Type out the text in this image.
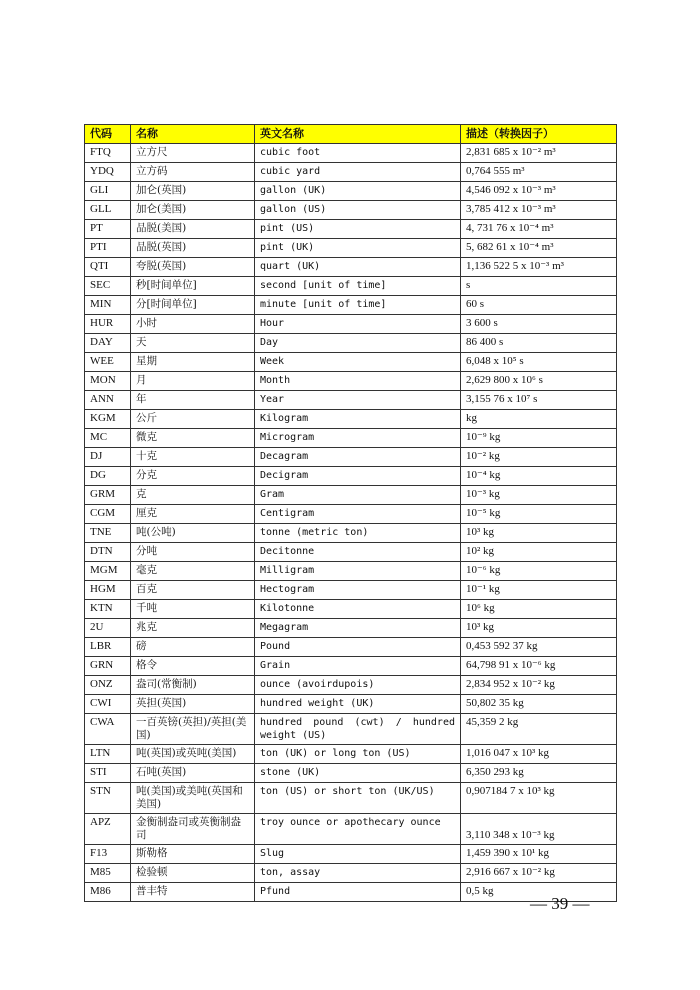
代码	名称	英文名称	描述（转换因子）
FTQ	立方尺	cubic foot	2,831 685 x 10⁻² m³
YDQ	立方码	cubic yard	0,764 555 m³
GLI	加仑(英国)	gallon (UK)	4,546 092 x 10⁻³ m³
GLL	加仑(美国)	gallon (US)	3,785 412 x 10⁻³ m³
PT	品脱(美国)	pint (US)	4, 731 76 x 10⁻⁴ m³
PTI	品脱(英国)	pint (UK)	5, 682 61 x 10⁻⁴ m³
QTI	夸脱(英国)	quart (UK)	1,136 522 5 x 10⁻³ m³
SEC	秒[时间单位]	second [unit of time]	s
MIN	分[时间单位]	minute [unit of time]	60 s
HUR	小时	Hour	3 600 s
DAY	天	Day	86 400 s
WEE	星期	Week	6,048 x 10⁵ s
MON	月	Month	2,629 800 x 10⁶ s
ANN	年	Year	3,155 76 x 10⁷ s
KGM	公斤	Kilogram	kg
MC	微克	Microgram	10⁻⁹ kg
DJ	十克	Decagram	10⁻² kg
DG	分克	Decigram	10⁻⁴ kg
GRM	克	Gram	10⁻³ kg
CGM	厘克	Centigram	10⁻⁵ kg
TNE	吨(公吨)	tonne (metric ton)	10³ kg
DTN	分吨	Decitonne	10² kg
MGM	毫克	Milligram	10⁻⁶ kg
HGM	百克	Hectogram	10⁻¹ kg
KTN	千吨	Kilotonne	10⁶ kg
2U	兆克	Megagram	10³ kg
LBR	磅	Pound	0,453 592 37 kg
GRN	格令	Grain	64,798 91 x 10⁻⁶ kg
ONZ	盎司(常衡制)	ounce (avoirdupois)	2,834 952 x 10⁻² kg
CWI	英担(英国)	hundred weight (UK)	50,802 35 kg
CWA	一百英镑(英担)/英担(美国)	hundred pound (cwt) / hundred weight (US)	45,359 2 kg
LTN	吨(英国)或英吨(美国)	ton (UK) or long ton (US)	1,016 047 x 10³ kg
STI	石吨(英国)	stone (UK)	6,350 293 kg
STN	吨(美国)或美吨(英国和美国)	ton (US) or short ton (UK/US)	0,907184 7 x 10³ kg
APZ	金衡制盎司或英衡制盎司	troy ounce or apothecary ounce	3,110 348 x 10⁻³ kg
F13	斯勒格	Slug	1,459 390 x 10¹ kg
M85	检验顿	ton, assay	2,916 667 x 10⁻² kg
M86	普丰特	Pfund	0,5 kg
— 39 —
